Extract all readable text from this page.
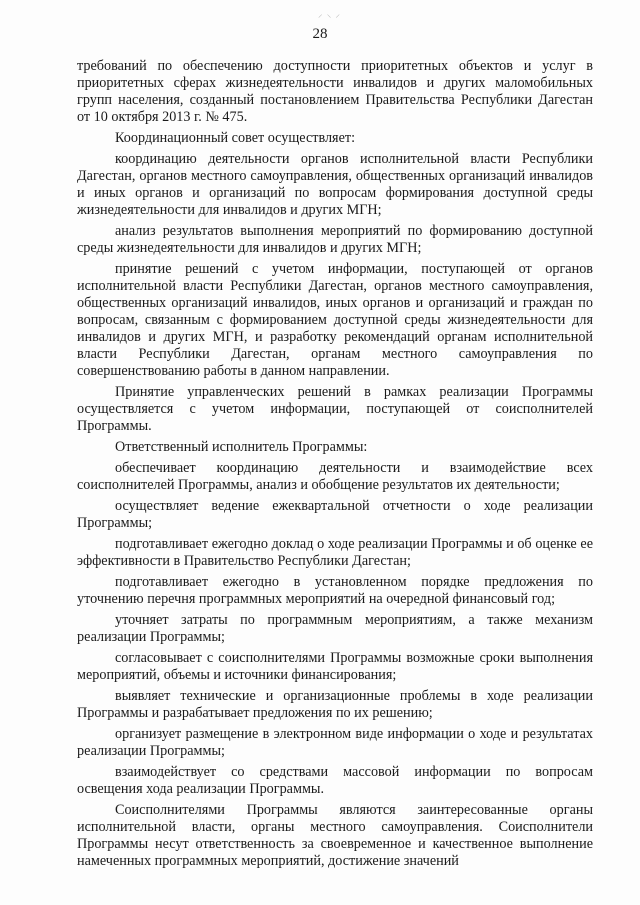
⸝ ⸜ ⸝
28

требований по обеспечению доступности приоритетных объектов и услуг в приоритетных сферах жизнедеятельности инвалидов и других маломобильных групп населения, созданный постановлением Правительства Республики Дагестан от 10 октября 2013 г. № 475.

Координационный совет осуществляет:

координацию деятельности органов исполнительной власти Республики Дагестан, органов местного самоуправления, общественных организаций инвалидов и иных органов и организаций по вопросам формирования доступной среды жизнедеятельности для инвалидов и других МГН;

анализ результатов выполнения мероприятий по формированию доступной среды жизнедеятельности для инвалидов и других МГН;

принятие решений с учетом информации, поступающей от органов исполнительной власти Республики Дагестан, органов местного самоуправления, общественных организаций инвалидов, иных органов и организаций и граждан по вопросам, связанным с формированием доступной среды жизнедеятельности для инвалидов и других МГН, и разработку рекомендаций органам исполнительной власти Республики Дагестан, органам местного самоуправления по совершенствованию работы в данном направлении.

Принятие управленческих решений в рамках реализации Программы осуществляется с учетом информации, поступающей от соисполнителей Программы.

Ответственный исполнитель Программы:

обеспечивает координацию деятельности и взаимодействие всех соисполнителей Программы, анализ и обобщение результатов их деятельности;

осуществляет ведение ежеквартальной отчетности о ходе реализации Программы;

подготавливает ежегодно доклад о ходе реализации Программы и об оценке ее эффективности в Правительство Республики Дагестан;

подготавливает ежегодно в установленном порядке предложения по уточнению перечня программных мероприятий на очередной финансовый год;

уточняет затраты по программным мероприятиям, а также механизм реализации Программы;

согласовывает с соисполнителями Программы возможные сроки выполнения мероприятий, объемы и источники финансирования;

выявляет технические и организационные проблемы в ходе реализации Программы и разрабатывает предложения по их решению;

организует размещение в электронном виде информации о ходе и результатах реализации Программы;

взаимодействует со средствами массовой информации по вопросам освещения хода реализации Программы.

Соисполнителями Программы являются заинтересованные органы исполнительной власти, органы местного самоуправления. Соисполнители Программы несут ответственность за своевременное и качественное выполнение намеченных программных мероприятий, достижение значений
